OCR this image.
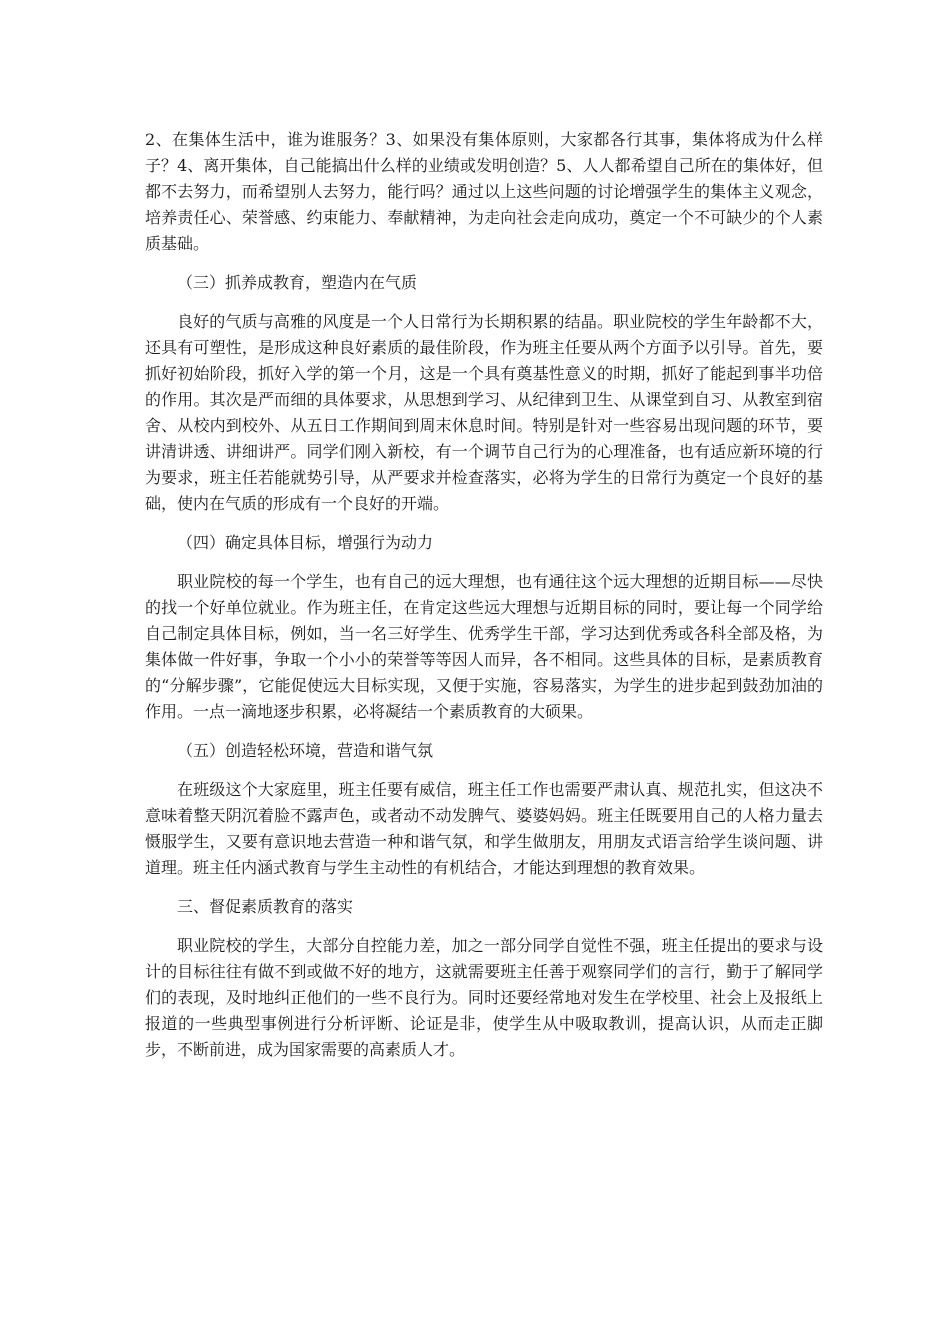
2、在集体生活中，谁为谁服务？3、如果没有集体原则，大家都各行其事，集体将成为什么样子？4、离开集体，自己能搞出什么样的业绩或发明创造？5、人人都希望自己所在的集体好，但都不去努力，而希望别人去努力，能行吗？通过以上这些问题的讨论增强学生的集体主义观念，培养责任心、荣誉感、约束能力、奉献精神，为走向社会走向成功，奠定一个不可缺少的个人素质基础。

（三）抓养成教育，塑造内在气质

良好的气质与高雅的风度是一个人日常行为长期积累的结晶。职业院校的学生年龄都不大，还具有可塑性，是形成这种良好素质的最佳阶段，作为班主任要从两个方面予以引导。首先，要抓好初始阶段，抓好入学的第一个月，这是一个具有奠基性意义的时期，抓好了能起到事半功倍的作用。其次是严而细的具体要求，从思想到学习、从纪律到卫生、从课堂到自习、从教室到宿舍、从校内到校外、从五日工作期间到周末休息时间。特别是针对一些容易出现问题的环节，要讲清讲透、讲细讲严。同学们刚入新校，有一个调节自己行为的心理准备，也有适应新环境的行为要求，班主任若能就势引导，从严要求并检查落实，必将为学生的日常行为奠定一个良好的基础，使内在气质的形成有一个良好的开端。

（四）确定具体目标，增强行为动力

职业院校的每一个学生，也有自己的远大理想，也有通往这个远大理想的近期目标——尽快的找一个好单位就业。作为班主任，在肯定这些远大理想与近期目标的同时，要让每一个同学给自己制定具体目标，例如，当一名三好学生、优秀学生干部，学习达到优秀或各科全部及格，为集体做一件好事，争取一个小小的荣誉等等因人而异，各不相同。这些具体的目标，是素质教育的“分解步骤”，它能促使远大目标实现，又便于实施，容易落实，为学生的进步起到鼓劲加油的作用。一点一滴地逐步积累，必将凝结一个素质教育的大硕果。

（五）创造轻松环境，营造和谐气氛

在班级这个大家庭里，班主任要有威信，班主任工作也需要严肃认真、规范扎实，但这决不意味着整天阴沉着脸不露声色，或者动不动发脾气、婆婆妈妈。班主任既要用自己的人格力量去慑服学生，又要有意识地去营造一种和谐气氛，和学生做朋友，用朋友式语言给学生谈问题、讲道理。班主任内涵式教育与学生主动性的有机结合，才能达到理想的教育效果。

三、督促素质教育的落实

职业院校的学生，大部分自控能力差，加之一部分同学自觉性不强，班主任提出的要求与设计的目标往往有做不到或做不好的地方，这就需要班主任善于观察同学们的言行，勤于了解同学们的表现，及时地纠正他们的一些不良行为。同时还要经常地对发生在学校里、社会上及报纸上报道的一些典型事例进行分析评断、论证是非，使学生从中吸取教训，提高认识，从而走正脚步，不断前进，成为国家需要的高素质人才。
